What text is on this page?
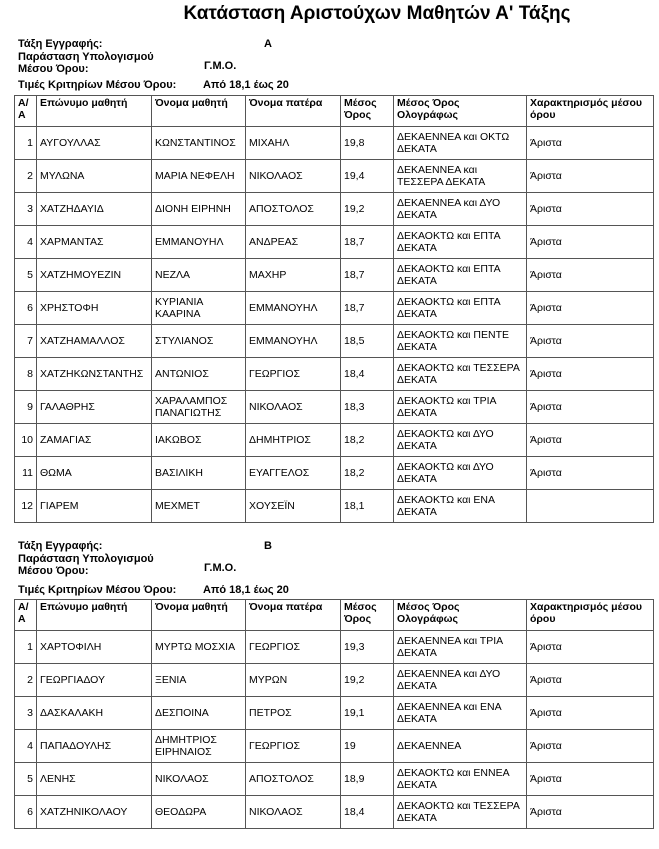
Κατάσταση Αριστούχων Μαθητών Α' Τάξης
Τάξη Εγγραφής:	Α
Παράσταση Υπολογισμού Μέσου Όρου:	Γ.Μ.Ο.
Τιμές Κριτηρίων Μέσου Όρου: Από 18,1 έως 20
Α/Α	Επώνυμο μαθητή	Όνομα μαθητή	Όνομα πατέρα	Μέσος Όρος	Μέσος Όρος Ολογράφως	Χαρακτηρισμός μέσου όρου
1	ΑΥΓΟΥΛΛΑΣ	ΚΩΝΣΤΑΝΤΙΝΟΣ	ΜΙΧΑΗΛ	19,8	ΔΕΚΑΕΝΝΕΑ και ΟΚΤΩ ΔΕΚΑΤΑ	Άριστα
2	ΜΥΛΩΝΑ	ΜΑΡΙΑ ΝΕΦΕΛΗ	ΝΙΚΟΛΑΟΣ	19,4	ΔΕΚΑΕΝΝΕΑ και ΤΕΣΣΕΡΑ ΔΕΚΑΤΑ	Άριστα
3	ΧΑΤΖΗΔΑΥΙΔ	ΔΙΟΝΗ ΕΙΡΗΝΗ	ΑΠΟΣΤΟΛΟΣ	19,2	ΔΕΚΑΕΝΝΕΑ και ΔΥΟ ΔΕΚΑΤΑ	Άριστα
4	ΧΑΡΜΑΝΤΑΣ	ΕΜΜΑΝΟΥΗΛ	ΑΝΔΡΕΑΣ	18,7	ΔΕΚΑΟΚΤΩ και ΕΠΤΑ ΔΕΚΑΤΑ	Άριστα
5	ΧΑΤΖΗΜΟΥΕΖΙΝ	ΝΕΖΛΑ	ΜΑΧΗΡ	18,7	ΔΕΚΑΟΚΤΩ και ΕΠΤΑ ΔΕΚΑΤΑ	Άριστα
6	ΧΡΗΣΤΟΦΗ	ΚΥΡΙΑΝΙΑ ΚΑΑΡΙΝΑ	ΕΜΜΑΝΟΥΗΛ	18,7	ΔΕΚΑΟΚΤΩ και ΕΠΤΑ ΔΕΚΑΤΑ	Άριστα
7	ΧΑΤΖΗΑΜΑΛΛΟΣ	ΣΤΥΛΙΑΝΟΣ	ΕΜΜΑΝΟΥΗΛ	18,5	ΔΕΚΑΟΚΤΩ και ΠΕΝΤΕ ΔΕΚΑΤΑ	Άριστα
8	ΧΑΤΖΗΚΩΝΣΤΑΝΤΗΣ	ΑΝΤΩΝΙΟΣ	ΓΕΩΡΓΙΟΣ	18,4	ΔΕΚΑΟΚΤΩ και ΤΕΣΣΕΡΑ ΔΕΚΑΤΑ	Άριστα
9	ΓΑΛΑΘΡΗΣ	ΧΑΡΑΛΑΜΠΟΣ ΠΑΝΑΓΙΩΤΗΣ	ΝΙΚΟΛΑΟΣ	18,3	ΔΕΚΑΟΚΤΩ και ΤΡΙΑ ΔΕΚΑΤΑ	Άριστα
10	ΖΑΜΑΓΙΑΣ	ΙΑΚΩΒΟΣ	ΔΗΜΗΤΡΙΟΣ	18,2	ΔΕΚΑΟΚΤΩ και ΔΥΟ ΔΕΚΑΤΑ	Άριστα
11	ΘΩΜΑ	ΒΑΣΙΛΙΚΗ	ΕΥΑΓΓΕΛΟΣ	18,2	ΔΕΚΑΟΚΤΩ και ΔΥΟ ΔΕΚΑΤΑ	Άριστα
12	ΓΙΑΡΕΜ	ΜΕΧΜΕΤ	ΧΟΥΣΕΪΝ	18,1	ΔΕΚΑΟΚΤΩ και ΕΝΑ ΔΕΚΑΤΑ	
Τάξη Εγγραφής:	Β
Παράσταση Υπολογισμού Μέσου Όρου:	Γ.Μ.Ο.
Τιμές Κριτηρίων Μέσου Όρου: Από 18,1 έως 20
Α/Α	Επώνυμο μαθητή	Όνομα μαθητή	Όνομα πατέρα	Μέσος Όρος	Μέσος Όρος Ολογράφως	Χαρακτηρισμός μέσου όρου
1	ΧΑΡΤΟΦΙΛΗ	ΜΥΡΤΩ ΜΟΣΧΙΑ	ΓΕΩΡΓΙΟΣ	19,3	ΔΕΚΑΕΝΝΕΑ και ΤΡΙΑ ΔΕΚΑΤΑ	Άριστα
2	ΓΕΩΡΓΙΑΔΟΥ	ΞΕΝΙΑ	ΜΥΡΩΝ	19,2	ΔΕΚΑΕΝΝΕΑ και ΔΥΟ ΔΕΚΑΤΑ	Άριστα
3	ΔΑΣΚΑΛΑΚΗ	ΔΕΣΠΟΙΝΑ	ΠΕΤΡΟΣ	19,1	ΔΕΚΑΕΝΝΕΑ και ΕΝΑ ΔΕΚΑΤΑ	Άριστα
4	ΠΑΠΑΔΟΥΛΗΣ	ΔΗΜΗΤΡΙΟΣ ΕΙΡΗΝΑΙΟΣ	ΓΕΩΡΓΙΟΣ	19	ΔΕΚΑΕΝΝΕΑ	Άριστα
5	ΛΕΝΗΣ	ΝΙΚΟΛΑΟΣ	ΑΠΟΣΤΟΛΟΣ	18,9	ΔΕΚΑΟΚΤΩ και ΕΝΝΕΑ ΔΕΚΑΤΑ	Άριστα
6	ΧΑΤΖΗΝΙΚΟΛΑΟΥ	ΘΕΟΔΩΡΑ	ΝΙΚΟΛΑΟΣ	18,4	ΔΕΚΑΟΚΤΩ και ΤΕΣΣΕΡΑ ΔΕΚΑΤΑ	Άριστα
